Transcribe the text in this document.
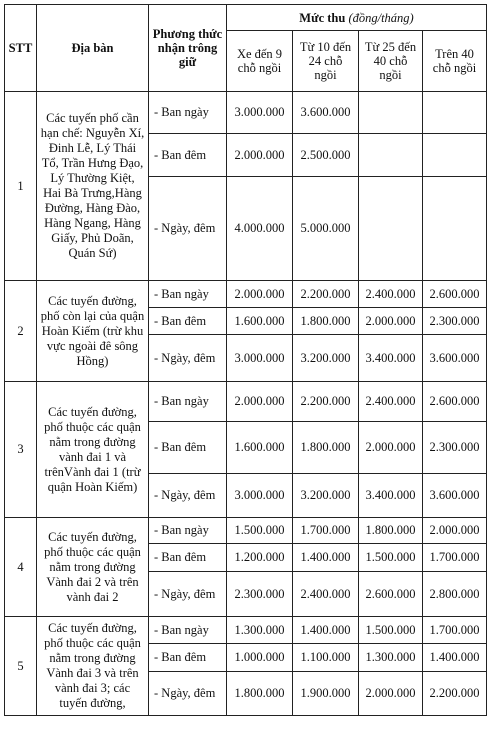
STT	Địa bàn	Phương thức nhận trông giữ	Mức thu (đồng/tháng)			
			Xe đến 9 chỗ ngồi	Từ 10 đến 24 chỗ ngồi	Từ 25 đến 40 chỗ ngồi	Trên 40 chỗ ngồi
1	Các tuyến phố cần hạn chế: Nguyễn Xí, Đinh Lễ, Lý Thái Tổ, Trần Hưng Đạo, Lý Thường Kiệt, Hai Bà Trưng,Hàng Đường, Hàng Đào, Hàng Ngang, Hàng Giấy, Phủ Doãn, Quán Sứ)	- Ban ngày	3.000.000	3.600.000		
		- Ban đêm	2.000.000	2.500.000		
		- Ngày, đêm	4.000.000	5.000.000		
2	Các tuyến đường, phố còn lại của quận Hoàn Kiếm (trừ khu vực ngoài đê sông Hồng)	- Ban ngày	2.000.000	2.200.000	2.400.000	2.600.000
		- Ban đêm	1.600.000	1.800.000	2.000.000	2.300.000
		- Ngày, đêm	3.000.000	3.200.000	3.400.000	3.600.000
3	Các tuyến đường, phố thuộc các quận nằm trong đường vành đai 1 và trênVành đai 1 (trừ quận Hoàn Kiếm)	- Ban ngày	2.000.000	2.200.000	2.400.000	2.600.000
		- Ban đêm	1.600.000	1.800.000	2.000.000	2.300.000
		- Ngày, đêm	3.000.000	3.200.000	3.400.000	3.600.000
4	Các tuyến đường, phố thuộc các quận nằm trong đường Vành đai 2 và trên vành đai 2	- Ban ngày	1.500.000	1.700.000	1.800.000	2.000.000
		- Ban đêm	1.200.000	1.400.000	1.500.000	1.700.000
		- Ngày, đêm	2.300.000	2.400.000	2.600.000	2.800.000
5	Các tuyến đường, phố thuộc các quận nằm trong đường Vành đai 3 và trên vành đai 3; các tuyến đường,	- Ban ngày	1.300.000	1.400.000	1.500.000	1.700.000
		- Ban đêm	1.000.000	1.100.000	1.300.000	1.400.000
		- Ngày, đêm	1.800.000	1.900.000	2.000.000	2.200.000
